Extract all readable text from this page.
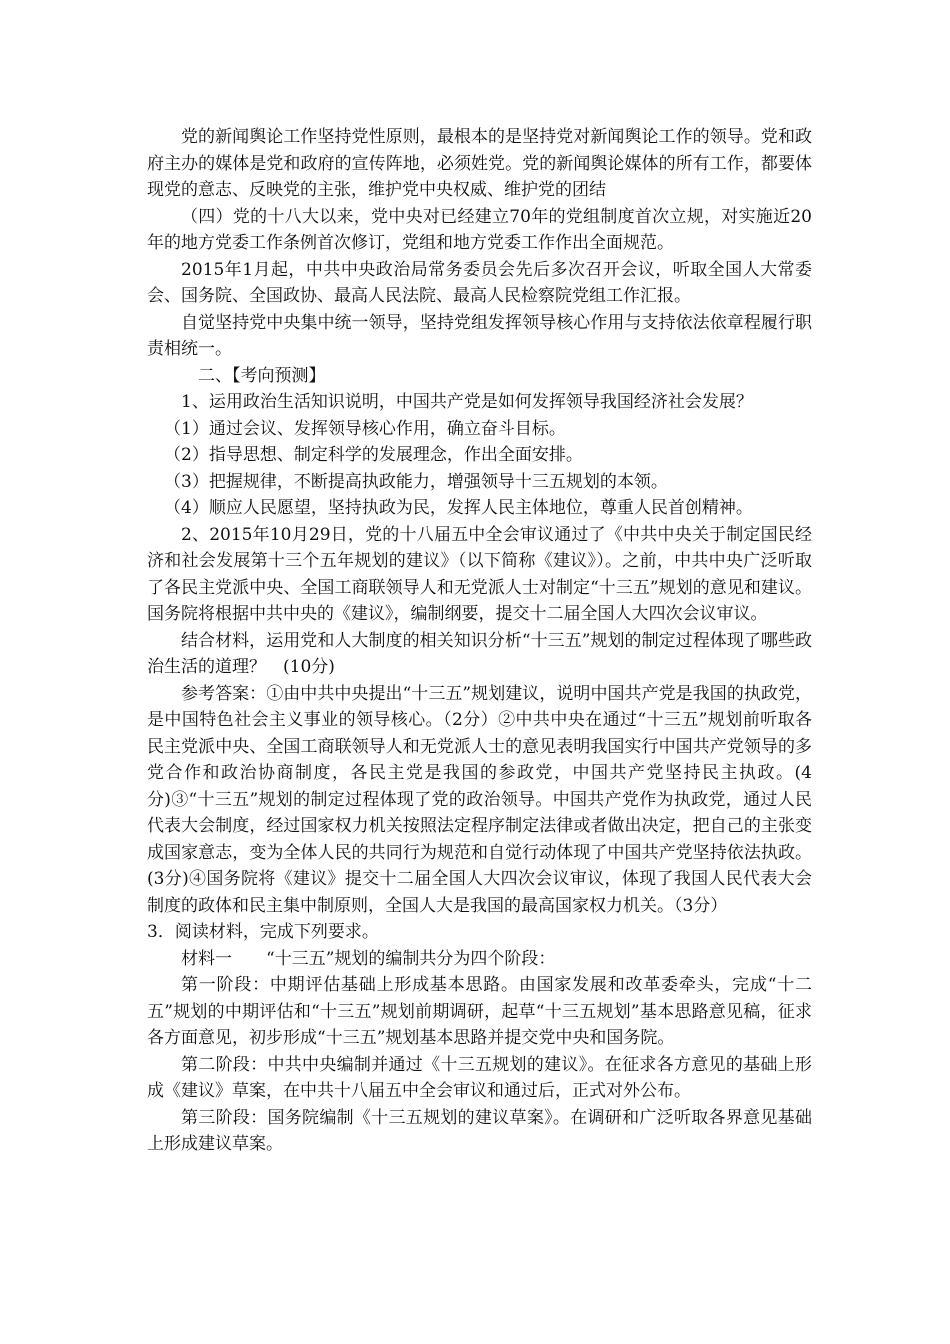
党的新闻舆论工作坚持党性原则，最根本的是坚持党对新闻舆论工作的领导。党和政府主办的媒体是党和政府的宣传阵地，必须姓党。党的新闻舆论媒体的所有工作，都要体现党的意志、反映党的主张，维护党中央权威、维护党的团结

（四）党的十八大以来，党中央对已经建立70年的党组制度首次立规，对实施近20年的地方党委工作条例首次修订，党组和地方党委工作作出全面规范。

2015年1月起，中共中央政治局常务委员会先后多次召开会议，听取全国人大常委会、国务院、全国政协、最高人民法院、最高人民检察院党组工作汇报。

自觉坚持党中央集中统一领导，坚持党组发挥领导核心作用与支持依法依章程履行职责相统一。

二、【考向预测】

1、运用政治生活知识说明，中国共产党是如何发挥领导我国经济社会发展？

（1）通过会议、发挥领导核心作用，确立奋斗目标。

（2）指导思想、制定科学的发展理念，作出全面安排。

（3）把握规律，不断提高执政能力，增强领导十三五规划的本领。

（4）顺应人民愿望，坚持执政为民，发挥人民主体地位，尊重人民首创精神。

2、2015年10月29日，党的十八届五中全会审议通过了《中共中央关于制定国民经济和社会发展第十三个五年规划的建议》（以下简称《建议》）。之前，中共中央广泛听取了各民主党派中央、全国工商联领导人和无党派人士对制定“十三五”规划的意见和建议。国务院将根据中共中央的《建议》，编制纲要，提交十二届全国人大四次会议审议。

结合材料，运用党和人大制度的相关知识分析“十三五”规划的制定过程体现了哪些政治生活的道理？　(10分)

参考答案：①由中共中央提出“十三五”规划建议，说明中国共产党是我国的执政党，是中国特色社会主义事业的领导核心。（2分）②中共中央在通过“十三五”规划前听取各民主党派中央、全国工商联领导人和无党派人士的意见表明我国实行中国共产党领导的多党合作和政治协商制度，各民主党是我国的参政党，中国共产党坚持民主执政。(4分)③“十三五”规划的制定过程体现了党的政治领导。中国共产党作为执政党，通过人民代表大会制度，经过国家权力机关按照法定程序制定法律或者做出决定，把自己的主张变成国家意志，变为全体人民的共同行为规范和自觉行动体现了中国共产党坚持依法执政。(3分)④国务院将《建议》提交十二届全国人大四次会议审议，体现了我国人民代表大会制度的政体和民主集中制原则，全国人大是我国的最高国家权力机关。（3分）

3．阅读材料，完成下列要求。

材料一　　“十三五”规划的编制共分为四个阶段：

第一阶段：中期评估基础上形成基本思路。由国家发展和改革委牵头，完成“十二五”规划的中期评估和“十三五”规划前期调研，起草“十三五规划”基本思路意见稿，征求各方面意见，初步形成“十三五”规划基本思路并提交党中央和国务院。

第二阶段：中共中央编制并通过《十三五规划的建议》。在征求各方意见的基础上形成《建议》草案，在中共十八届五中全会审议和通过后，正式对外公布。

第三阶段：国务院编制《十三五规划的建议草案》。在调研和广泛听取各界意见基础上形成建议草案。
